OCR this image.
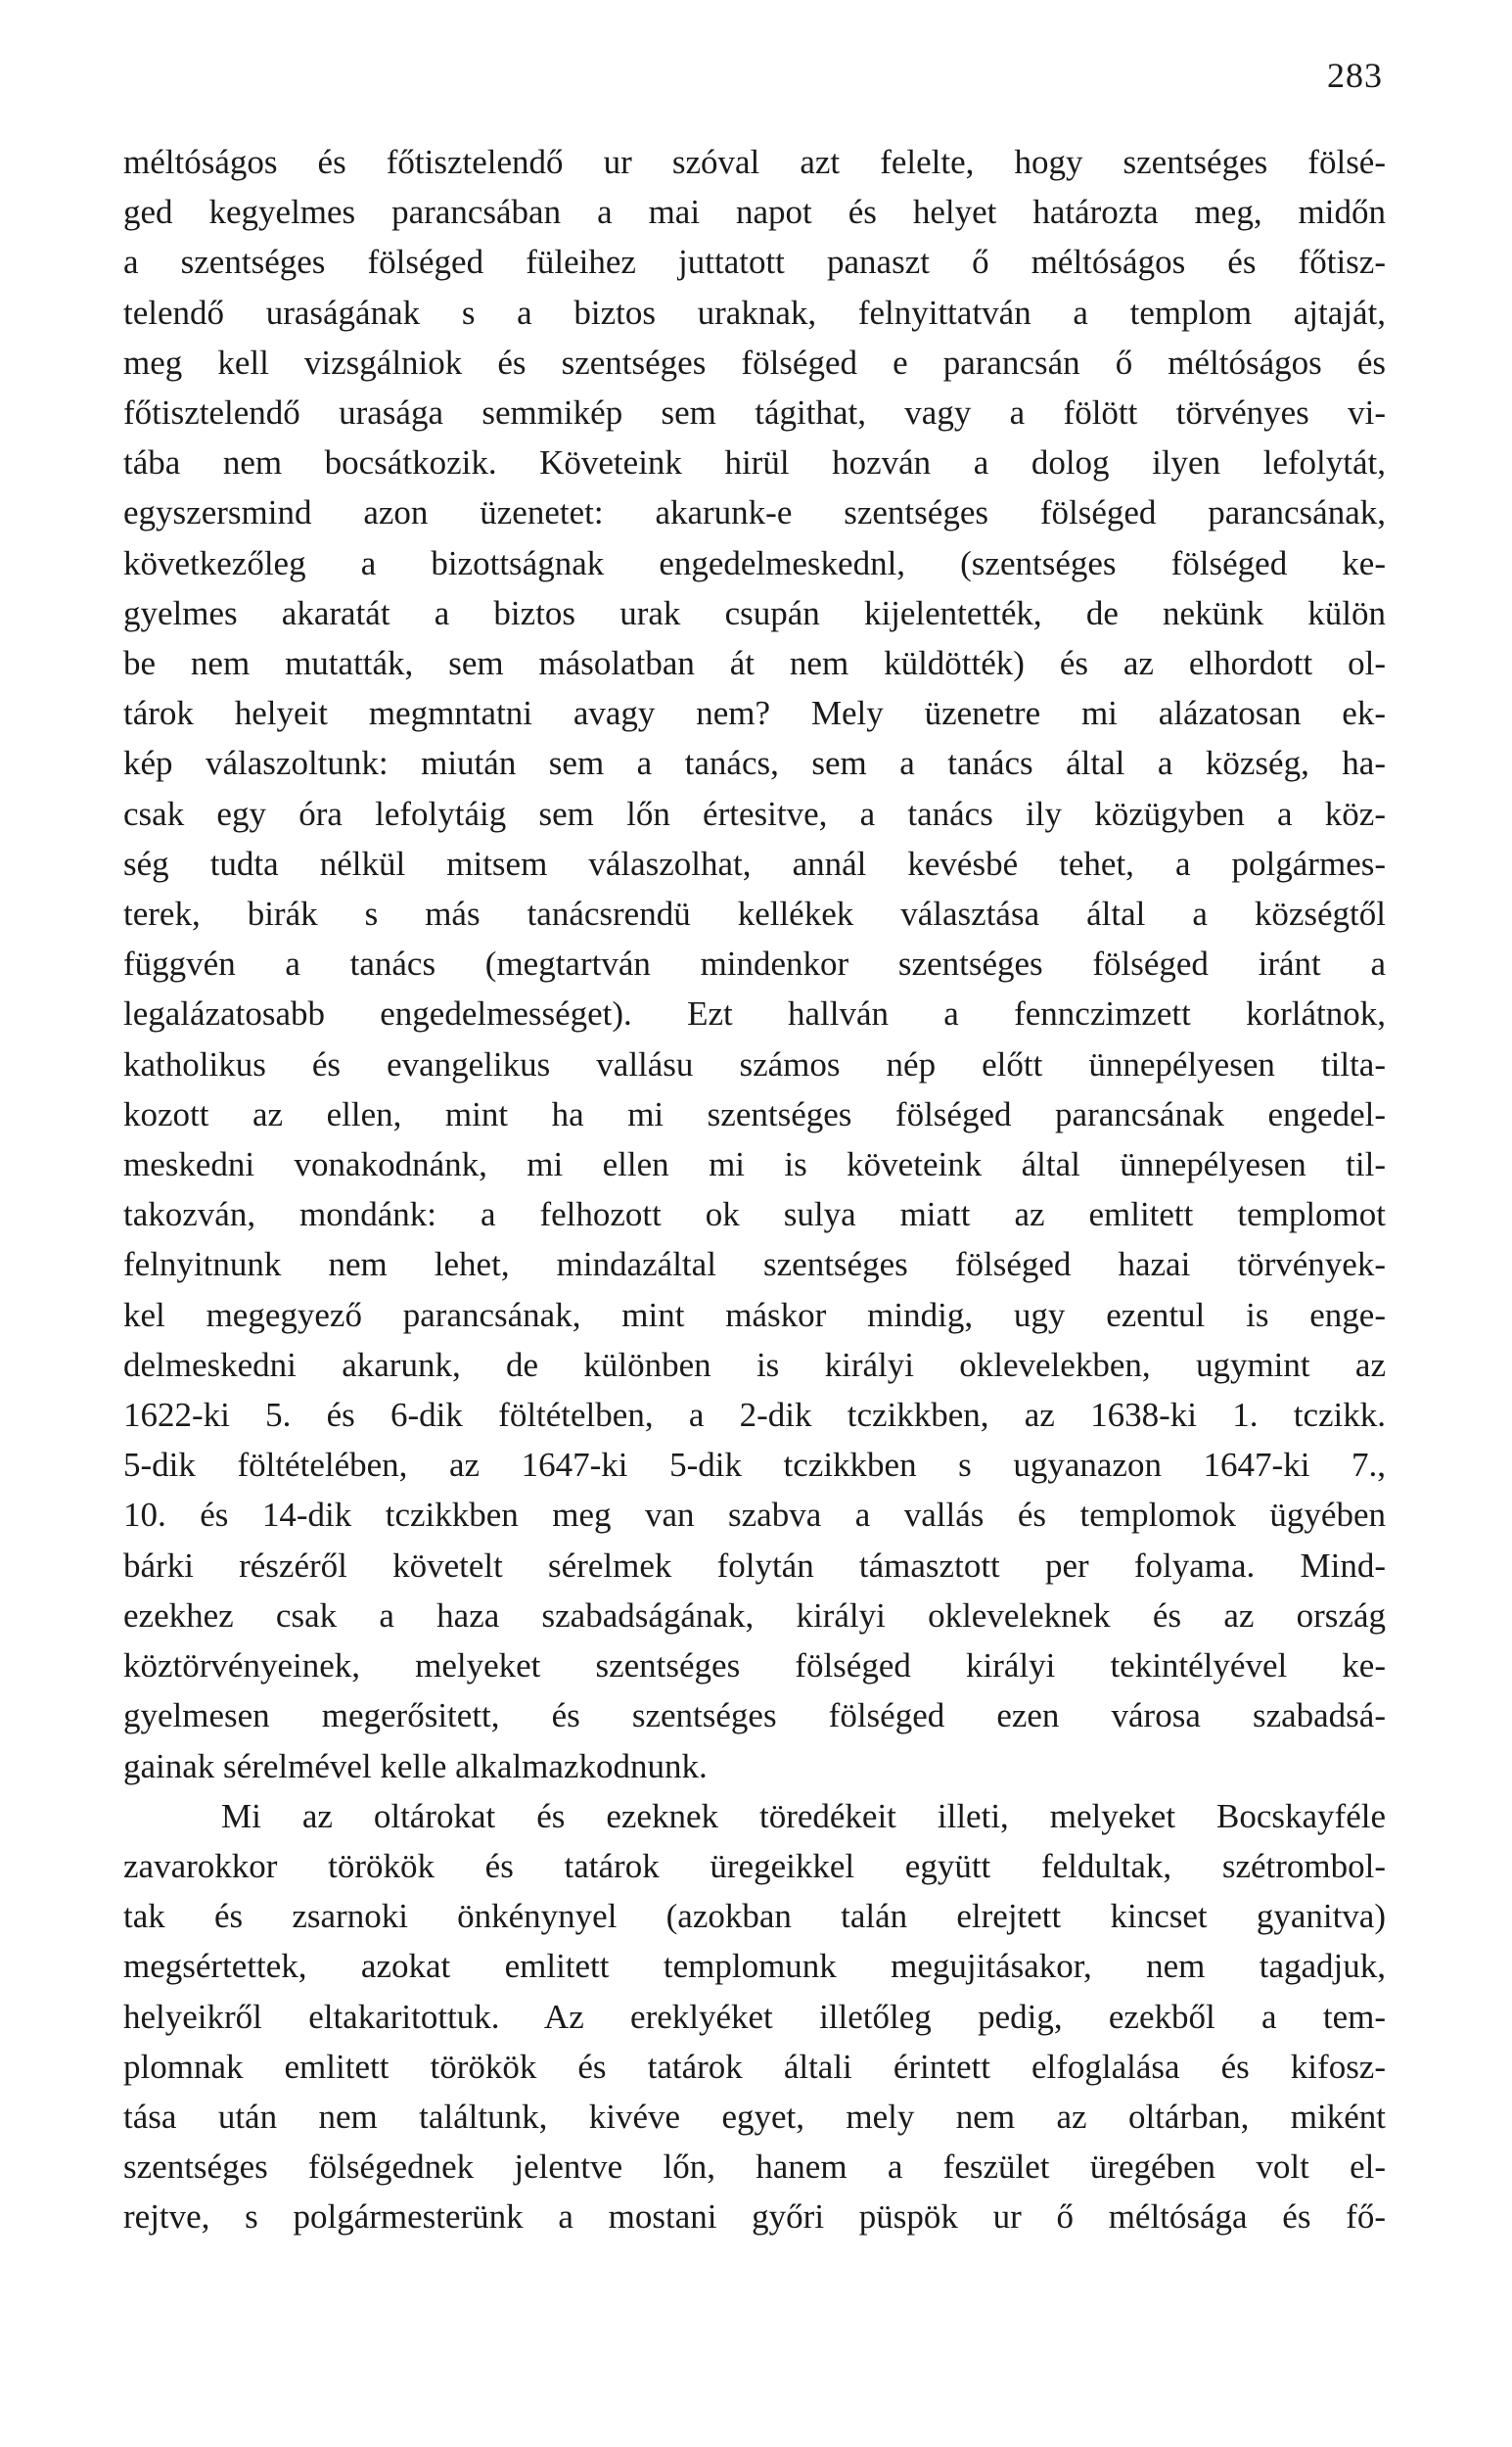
283
méltóságos és főtisztelendő ur szóval azt felelte, hogy szentséges fölsé-
ged kegyelmes parancsában a mai napot és helyet határozta meg, midőn
a szentséges fölséged füleihez juttatott panaszt ő méltóságos és főtisz-
telendő uraságának s a biztos uraknak, felnyittatván a templom ajtaját,
meg kell vizsgálniok és szentséges fölséged e parancsán ő méltóságos és
főtisztelendő urasága semmikép sem tágithat, vagy a fölött törvényes vi-
tába nem bocsátkozik. Követeink hirül hozván a dolog ilyen lefolytát,
egyszersmind azon üzenetet: akarunk-e szentséges fölséged parancsának,
következőleg a bizottságnak engedelmeskednl, (szentséges fölséged ke-
gyelmes akaratát a biztos urak csupán kijelentették, de nekünk külön
be nem mutatták, sem másolatban át nem küldötték) és az elhordott ol-
tárok helyeit megmntatni avagy nem? Mely üzenetre mi alázatosan ek-
kép válaszoltunk: miután sem a tanács, sem a tanács által a község, ha-
csak egy óra lefolytáig sem lőn értesitve, a tanács ily közügyben a köz-
ség tudta nélkül mitsem válaszolhat, annál kevésbé tehet, a polgármes-
terek, birák s más tanácsrendü kellékek választása által a községtől
függvén a tanács (megtartván mindenkor szentséges fölséged iránt a
legalázatosabb engedelmességet). Ezt hallván a fennczimzett korlátnok,
katholikus és evangelikus vallásu számos nép előtt ünnepélyesen tilta-
kozott az ellen, mint ha mi szentséges fölséged parancsának engedel-
meskedni vonakodnánk, mi ellen mi is követeink által ünnepélyesen til-
takozván, mondánk: a felhozott ok sulya miatt az emlitett templomot
felnyitnunk nem lehet, mindazáltal szentséges fölséged hazai törvények-
kel megegyező parancsának, mint máskor mindig, ugy ezentul is enge-
delmeskedni akarunk, de különben is királyi oklevelekben, ugymint az
1622-ki 5. és 6-dik föltételben, a 2-dik tczikkben, az 1638-ki 1. tczikk.
5-dik föltételében, az 1647-ki 5-dik tczikkben s ugyanazon 1647-ki 7.,
10. és 14-dik tczikkben meg van szabva a vallás és templomok ügyében
bárki részéről követelt sérelmek folytán támasztott per folyama. Mind-
ezekhez csak a haza szabadságának, királyi okleveleknek és az ország
köztörvényeinek, melyeket szentséges fölséged királyi tekintélyével ke-
gyelmesen megerősitett, és szentséges fölséged ezen városa szabadsá-
gainak sérelmével kelle alkalmazkodnunk.
Mi az oltárokat és ezeknek töredékeit illeti, melyeket Bocskayféle
zavarokkor törökök és tatárok üregeikkel együtt feldultak, szétrombol-
tak és zsarnoki önkénynyel (azokban talán elrejtett kincset gyanitva)
megsértettek, azokat emlitett templomunk megujitásakor, nem tagadjuk,
helyeikről eltakaritottuk. Az ereklyéket illetőleg pedig, ezekből a tem-
plomnak emlitett törökök és tatárok általi érintett elfoglalása és kifosz-
tása után nem találtunk, kivéve egyet, mely nem az oltárban, miként
szentséges fölségednek jelentve lőn, hanem a feszület üregében volt el-
rejtve, s polgármesterünk a mostani győri püspök ur ő méltósága és fő-
